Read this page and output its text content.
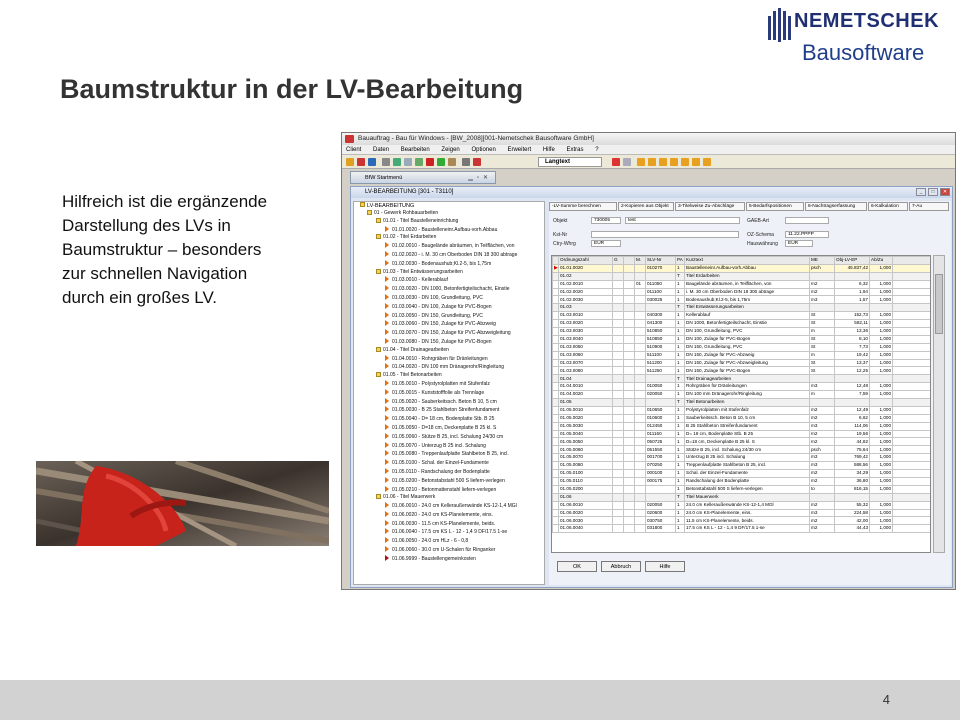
NEMETSCHEK
Bausoftware
Baumstruktur in der LV-Bearbeitung
Hilfreich ist die ergänzende
Darstellung des LVs in
Baumstruktur – besonders
zur schnellen Navigation
durch ein großes LV.
Bauauftrag - Bau für Windows - [BW_2008][001-Nemetschek Bausoftware GmbH]
Client Daten Bearbeiten Zeigen Optionen Erweitert Hilfe Extras ?
Langtext
BfW Startmenü	▁▫✕
LV-BEARBEITUNG [301 - T3110]	_	□	✕
LV-BEARBEITUNG
01 - Gewerk Rohbauarbeiten
01.01 - Titel Baustelleneinrichtung
01.01.0020 - Baustelleneinr.Aufbau-vorh.Abbau
01.02 - Titel Erdarbeiten
01.02.0010 - Baugelände abräumen, in Teilflächen, von
01.02.0020 - i. M. 30 cm Oberboden DIN 18 300 abtrage
01.02.0030 - Bodenaushub;Kl.2-5, bis 1,75m
01.03 - Titel Entwässerungsarbeiten
01.03.0010 - Kellerablauf
01.03.0020 - DN 1000, Betonfertigteilschacht, Einstie
01.03.0030 - DN 100, Grundleitung, PVC
01.03.0040 - DN 100, Zulage für PVC-Bogen
01.03.0050 - DN 150, Grundleitung, PVC
01.03.0060 - DN 150, Zulage für PVC-Abzweig
01.03.0070 - DN 150, Zulage für PVC-Abzweigleitung
01.03.0080 - DN 150, Zulage für PVC-Bogen
01.04 - Titel Drainagearbeiten
01.04.0010 - Rohrgräben für Dränleitungen
01.04.0020 - DN 100 mm Dränagerohr/Ringleitung
01.05 - Titel Betonarbeiten
01.05.0010 - Polystyrolplatten mit Stufenfalz
01.05.0015 - Kunststofffolie als Trennlage
01.05.0020 - Sauberkeitssch. Beton B 10, 5 cm
01.05.0030 - B 25 Stahlbeton Streifenfundament
01.05.0040 - D= 18 cm, Bodenplatte Stb. B 25
01.05.0050 - D=18 cm, Deckenplatte B 25 kl. S
01.05.0060 - Stütze B 25, incl. Schalung 24/30 cm
01.05.0070 - Unterzug B 25 incl. Schalung
01.05.0080 - Treppenlaufplatte Stahlbeton B 25, incl.
01.05.0100 - Schal. der Einzel-Fundamente
01.05.0110 - Randschalung der Bodenplatte
01.05.0200 - Betonstabstahl 500 S liefern-verlegen
01.05.0210 - Betonmattenstahl liefern-verlegen
01.06 - Titel Mauerwerk
01.06.0010 - 24.0 cm Kelleraußenwände KS-12-1,4 MGl
01.06.0020 - 24.0 cm KS-Planelemente, eins.
01.06.0030 - 11.5 cm KS-Planelemente, beids.
01.06.0040 - 17.5 cm KS L - 12 - 1,4 9 DF/17.5 1-se
01.06.0050 - 24.0 cm HLz - 6 - 0,8
01.06.0060 - 30.0 cm U-Schalen für Ringanker
01.06.9999 - Baustellengemeinkosten
-LV-Summe berechnen	2-Kopieren aus Objekt	3-Titelweise Zu-Abschläge	5-Bedarfspositionen	6-Nachtragserfassung	6-Kalkulation	7-Au
Objekt	730005	test	GAEB-Art
Kst-Nr	OZ-Schema	11.22.PPPP
Ctry-Whrg	EUR	Hauswährung	EUR
	Ordnungszahl	G		M.	SLV-Nr	PA	Kurztext	ME	Obj-LV-EP	Ab/Zu	
▶	01.01.0020				010270	1	Baustelleneinr.Aufbau-vorh.Abbau	psch	45.837,42	1,000	
	01.02					T	Titel Erdarbeiten				
	01.02.0010			01	011050	1	Baugelände abräumen, in Teilflächen, von	m2	6,32	1,000	
	01.02.0020				011100	1	i. M. 30 cm Oberboden DIN 18 300 abtrage	m2	1,94	1,000	
	01.02.0030				030025	1	Bodenaushub;Kl.2-5, bis 1,75m	m3	1,57	1,000	
	01.03					T	Titel Entwässerungsarbeiten				
	01.03.0010				040300	1	Kellerablauf	St	152,73	1,000	
	01.03.0020				041300	1	DN 1000, Betonfertigteilschacht, Einstie	St	582,11	1,000	
	01.03.0030				510850	1	DN 100, Grundleitung, PVC	m	13,36	1,000	
	01.03.0040				510850	1	DN 100, Zulage für PVC-Bogen	St	8,10	1,000	
	01.03.0050				510900	1	DN 150, Grundleitung, PVC	St	7,73	1,000	
	01.03.0060				511100	1	DN 150, Zulage für PVC-Abzweig	m	19,42	1,000	
	01.03.0070				511200	1	DN 150, Zulage für PVC-Abzweigleitung	St	13,37	1,000	
	01.03.0080				511250	1	DN 150, Zulage für PVC-Bogen	St	12,25	1,000	
	01.04					T	Titel Drainagearbeiten				
	01.04.0010				010050	1	Rohrgräben für Dränleitungen	m3	12,48	1,000	
	01.04.0020				020050	1	DN 100 mm Dränagerohr/Ringleitung	m	7,59	1,000	
	01.05					T	Titel Betonarbeiten				
	01.05.0010				010650	1	Polystyrolplatten mit Stufenfalz	m2	12,49	1,000	
	01.05.0020				010600	1	Sauberkeitssch. Beton B 10, 5 cm	m2	6,62	1,000	
	01.05.0030				012450	1	B 25 Stahlbeton Streifenfundament	m3	114,06	1,000	
	01.05.0040				011160	1	D= 18 cm, Bodenplatte Stb. B 25	m2	19,56	1,000	
	01.05.0050				050725	1	D=18 cm, Deckenplatte B 25 kl. S	m2	44,82	1,000	
	01.05.0060				051550	1	Stütze B 25, incl. Schalung 24/30 cm	psch	75,64	1,000	
	01.05.0070				001700	1	Unterzug B 25 incl. Schalung	m3	769,42	1,000	
	01.05.0080				070250	1	Treppenlaufplatte Stahlbeton B 25, incl.	m3	588,56	1,000	
	01.05.0100				000100	1	Schal. der Einzel-Fundamente	m2	34,29	1,000	
	01.05.0110				000175	1	Randschalung der Bodenplatte	m2	36,80	1,000	
	01.05.0200					1	Betonstabstahl 500 S liefern-verlegen	to	816,15	1,000	
	01.06					T	Titel Mauerwerk				
	01.06.0010				020050	1	24.0 cm Kelleraußenwände KS-12-1,4 MGl	m2	55,32	1,000	
	01.06.0020				020600	1	24.0 cm KS-Planelemente, eins.	m3	224,58	1,000	
	01.06.0030				030750	1	11.5 cm KS-Planelemente, beids.	m2	42,00	1,000	
	01.06.0040				031800	1	17.5 cm KS L - 12 - 1,4 9 DF/17.5 1-se	m2	44,43	1,000	
OK	Abbruch	Hilfe
4
